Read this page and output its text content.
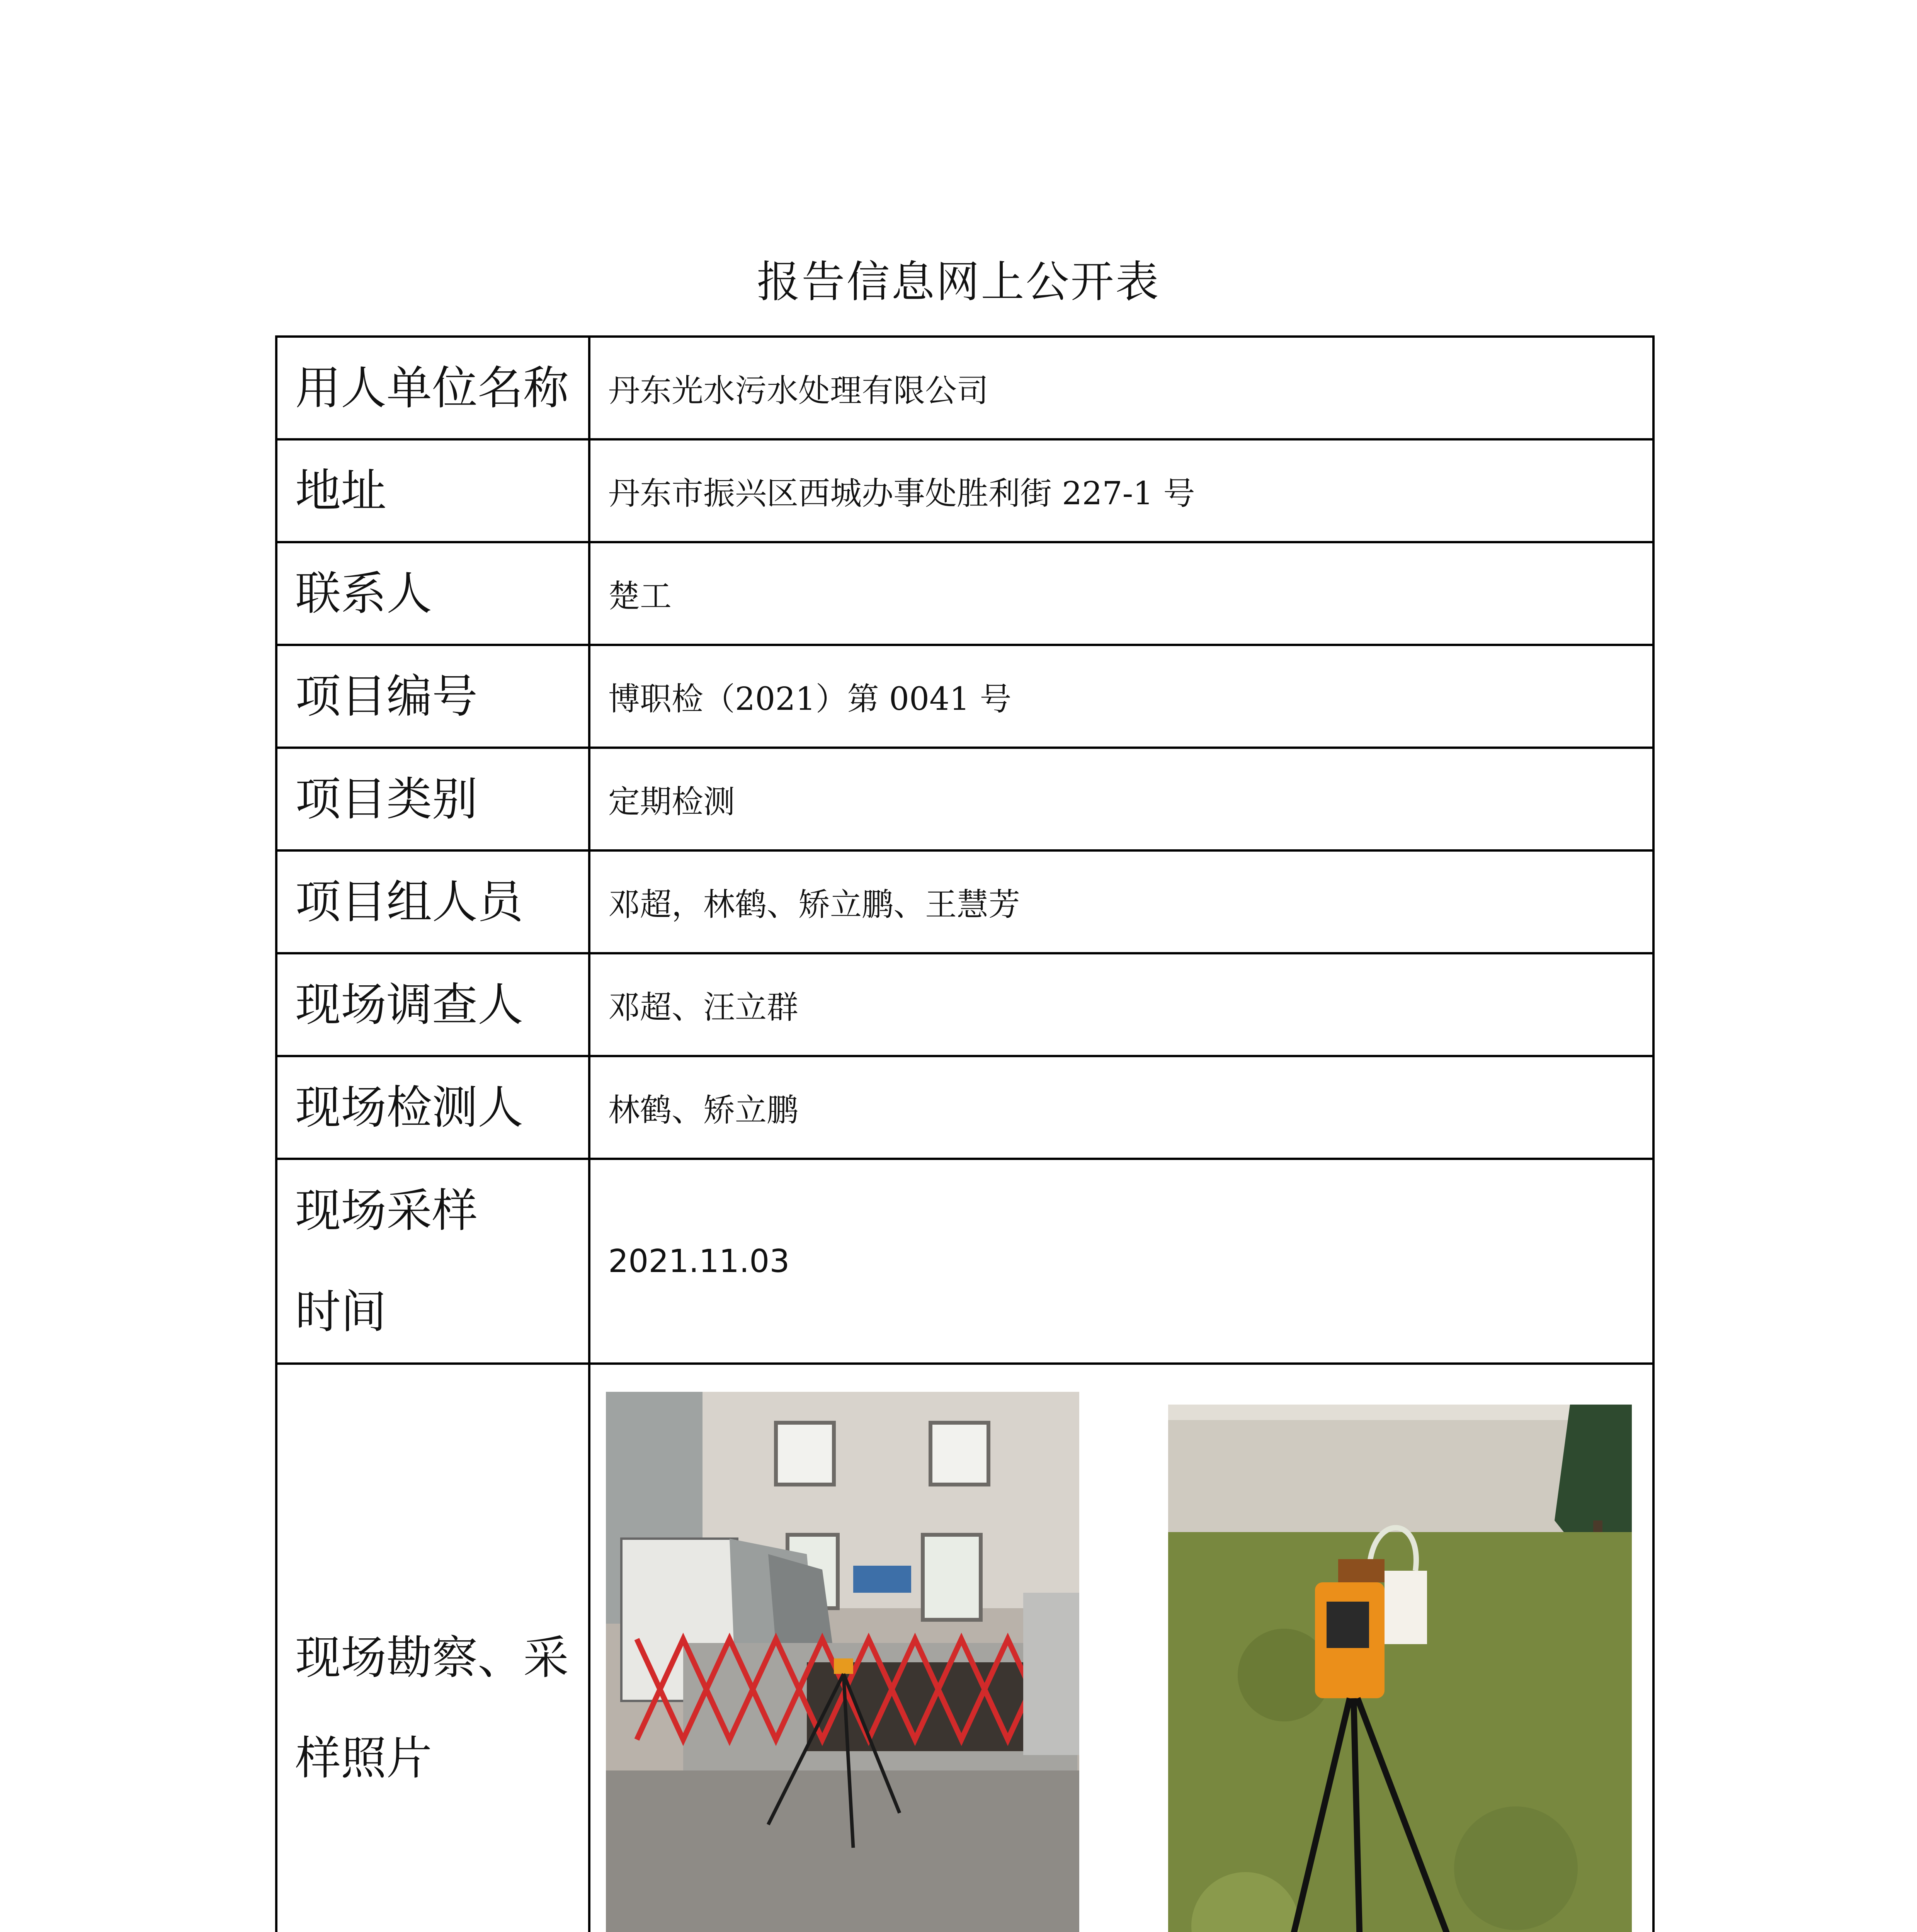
报告信息网上公开表
用人单位名称	丹东光水污水处理有限公司
地址	丹东市振兴区西城办事处胜利街 227-1 号
联系人	楚工
项目编号	博职检（2021）第 0041 号
项目类别	定期检测
项目组人员	邓超，林鹤、矫立鹏、王慧芳
现场调查人	邓超、汪立群
现场检测人	林鹤、矫立鹏

现场采样
时间	2021.11.03

现场勘察、采
样照片
